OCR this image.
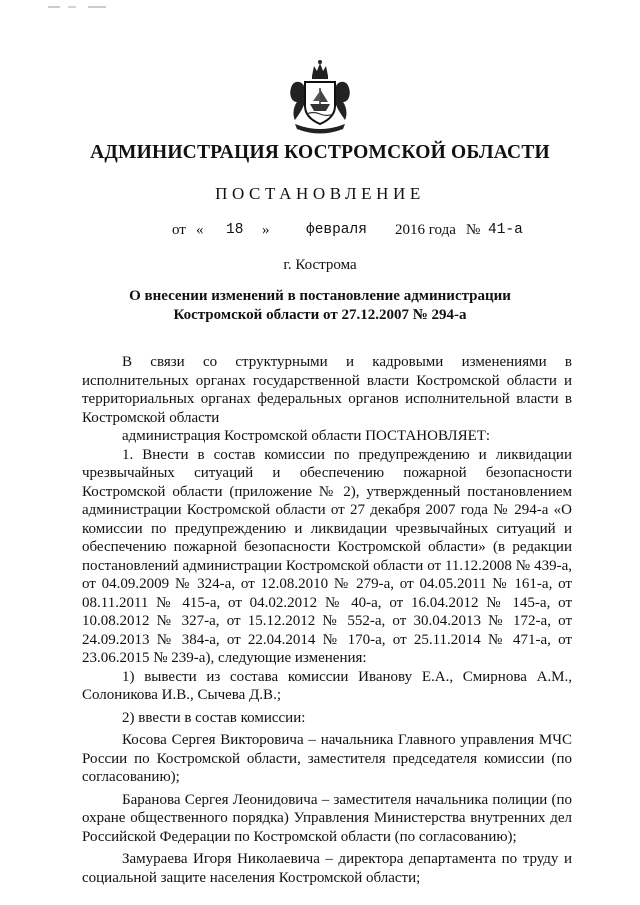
АДМИНИСТРАЦИЯ КОСТРОМСКОЙ ОБЛАСТИ
ПОСТАНОВЛЕНИЕ
от « 18 »	февраля 2016 года № 41-а
г. Кострома
О внесении изменений в постановление администрации
Костромской области от 27.12.2007 № 294-а

В связи со структурными и кадровыми изменениями в исполнительных органах государственной власти Костромской области и территориальных органах федеральных органов исполнительной власти в Костромской области

администрация Костромской области ПОСТАНОВЛЯЕТ:

1. Внести в состав комиссии по предупреждению и ликвидации чрезвычайных ситуаций и обеспечению пожарной безопасности Костромской области (приложение № 2), утвержденный постановлением администрации Костромской области от 27 декабря 2007 года № 294-а «О комиссии по предупреждению и ликвидации чрезвычайных ситуаций и обеспечению пожарной безопасности Костромской области» (в редакции постановлений администрации Костромской области от 11.12.2008 № 439-а, от 04.09.2009 № 324-а, от 12.08.2010 № 279-а, от 04.05.2011 № 161-а, от 08.11.2011 № 415-а, от 04.02.2012 № 40-а, от 16.04.2012 № 145-а, от 10.08.2012 № 327-а, от 15.12.2012 № 552-а, от 30.04.2013 № 172-а, от 24.09.2013 № 384-а, от 22.04.2014 № 170-а, от 25.11.2014 № 471-а, от 23.06.2015 № 239-а), следующие изменения:

1) вывести из состава комиссии Иванову Е.А., Смирнова А.М., Солоникова И.В., Сычева Д.В.;

2) ввести в состав комиссии:

Косова Сергея Викторовича – начальника Главного управления МЧС России по Костромской области, заместителя председателя комиссии (по согласованию);

Баранова Сергея Леонидовича – заместителя начальника полиции (по охране общественного порядка) Управления Министерства внутренних дел Российской Федерации по Костромской области (по согласованию);

Замураева Игоря Николаевича – директора департамента по труду и социальной защите населения Костромской области;
